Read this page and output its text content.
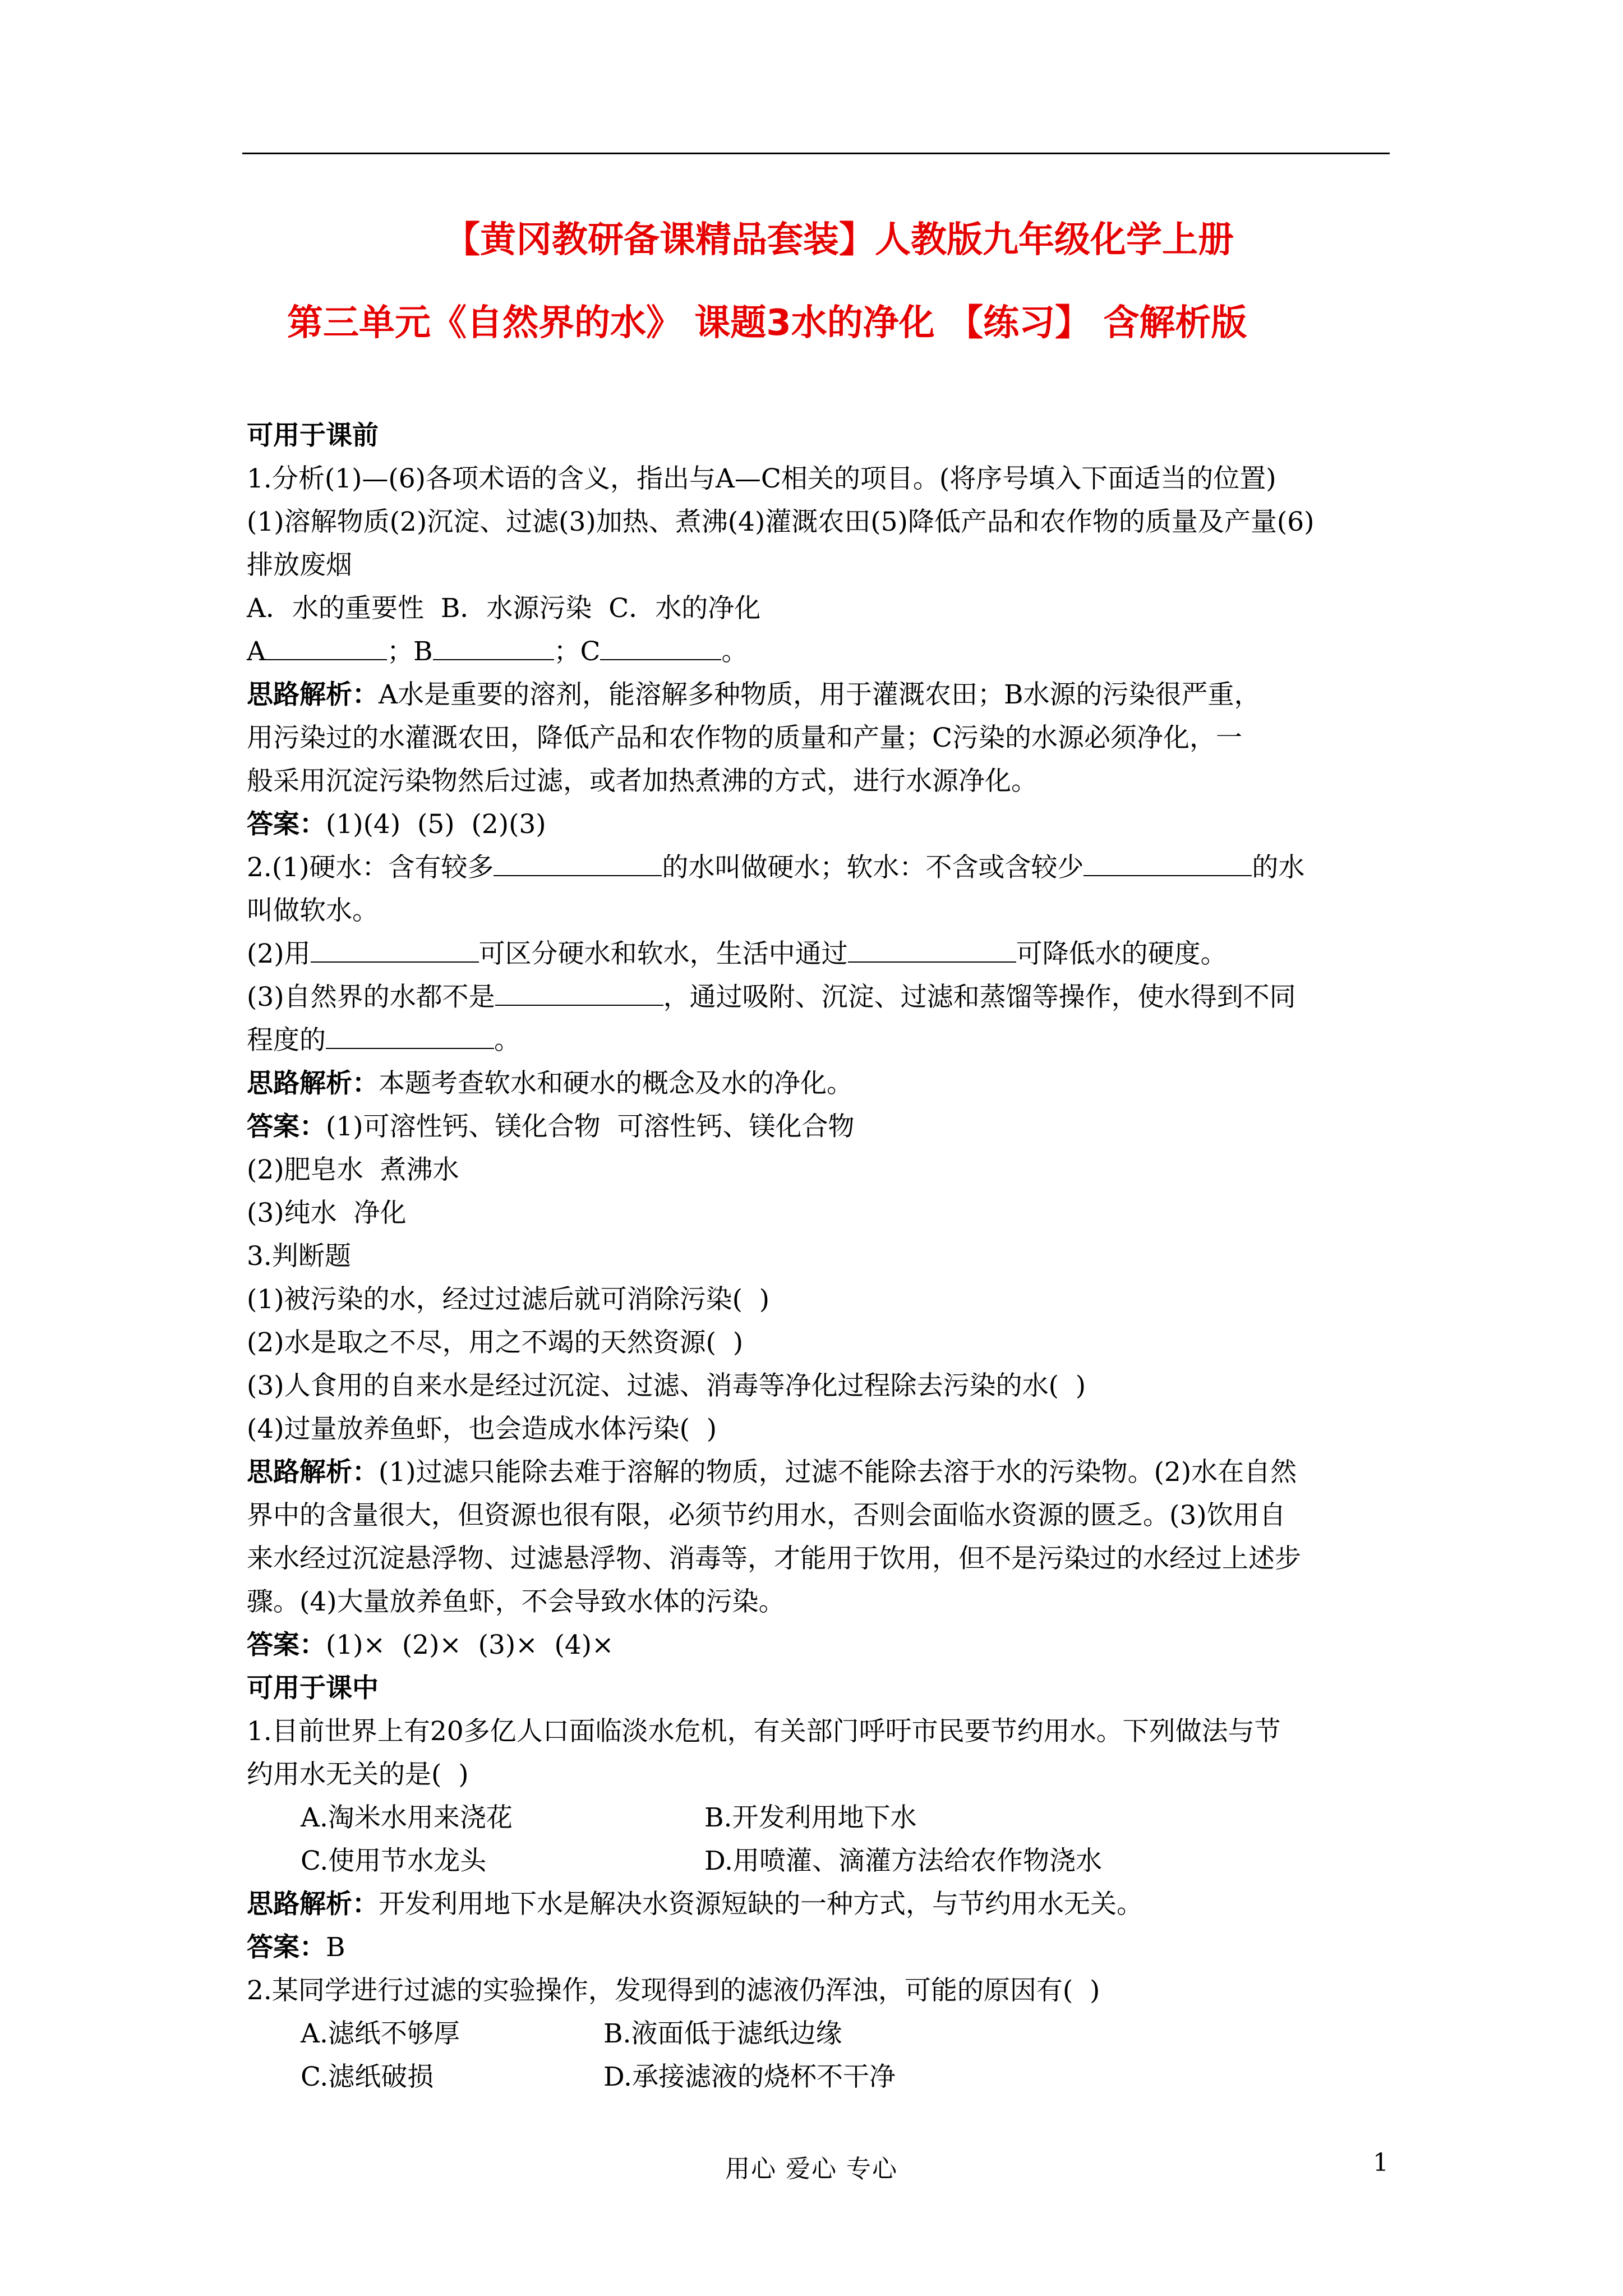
【黄冈教研备课精品套装】人教版九年级化学上册
第三单元《自然界的水》 课题3水的净化 【练习】 含解析版

可用于课前

1.分析(1)—(6)各项术语的含义，指出与A—C相关的项目。(将序号填入下面适当的位置)

(1)溶解物质(2)沉淀、过滤(3)加热、煮沸(4)灌溉农田(5)降低产品和农作物的质量及产量(6)

排放废烟

A．水的重要性  B．水源污染  C．水的净化

A	；B	；C	。

思路解析：A水是重要的溶剂，能溶解多种物质，用于灌溉农田；B水源的污染很严重，

用污染过的水灌溉农田，降低产品和农作物的质量和产量；C污染的水源必须净化，一

般采用沉淀污染物然后过滤，或者加热煮沸的方式，进行水源净化。

答案：(1)(4)  (5)  (2)(3)

2.(1)硬水：含有较多	的水叫做硬水；软水：不含或含较少	的水

叫做软水。

(2)用	可区分硬水和软水，生活中通过	可降低水的硬度。

(3)自然界的水都不是	，通过吸附、沉淀、过滤和蒸馏等操作，使水得到不同

程度的	。

思路解析：本题考查软水和硬水的概念及水的净化。

答案：(1)可溶性钙、镁化合物  可溶性钙、镁化合物

(2)肥皂水  煮沸水

(3)纯水  净化

3.判断题

(1)被污染的水，经过过滤后就可消除污染(  )

(2)水是取之不尽，用之不竭的天然资源(  )

(3)人食用的自来水是经过沉淀、过滤、消毒等净化过程除去污染的水(  )

(4)过量放养鱼虾，也会造成水体污染(  )

思路解析：(1)过滤只能除去难于溶解的物质，过滤不能除去溶于水的污染物。(2)水在自然

界中的含量很大，但资源也很有限，必须节约用水，否则会面临水资源的匮乏。(3)饮用自

来水经过沉淀悬浮物、过滤悬浮物、消毒等，才能用于饮用，但不是污染过的水经过上述步

骤。(4)大量放养鱼虾，不会导致水体的污染。

答案：(1)×  (2)×  (3)×  (4)×

可用于课中

1.目前世界上有20多亿人口面临淡水危机，有关部门呼吁市民要节约用水。下列做法与节

约用水无关的是(  )

A.淘米水用来浇花	B.开发利用地下水

C.使用节水龙头	D.用喷灌、滴灌方法给农作物浇水

思路解析：开发利用地下水是解决水资源短缺的一种方式，与节约用水无关。

答案：B

2.某同学进行过滤的实验操作，发现得到的滤液仍浑浊，可能的原因有(  )

A.滤纸不够厚	B.液面低于滤纸边缘

C.滤纸破损	D.承接滤液的烧杯不干净

用心 爱心 专心	1
